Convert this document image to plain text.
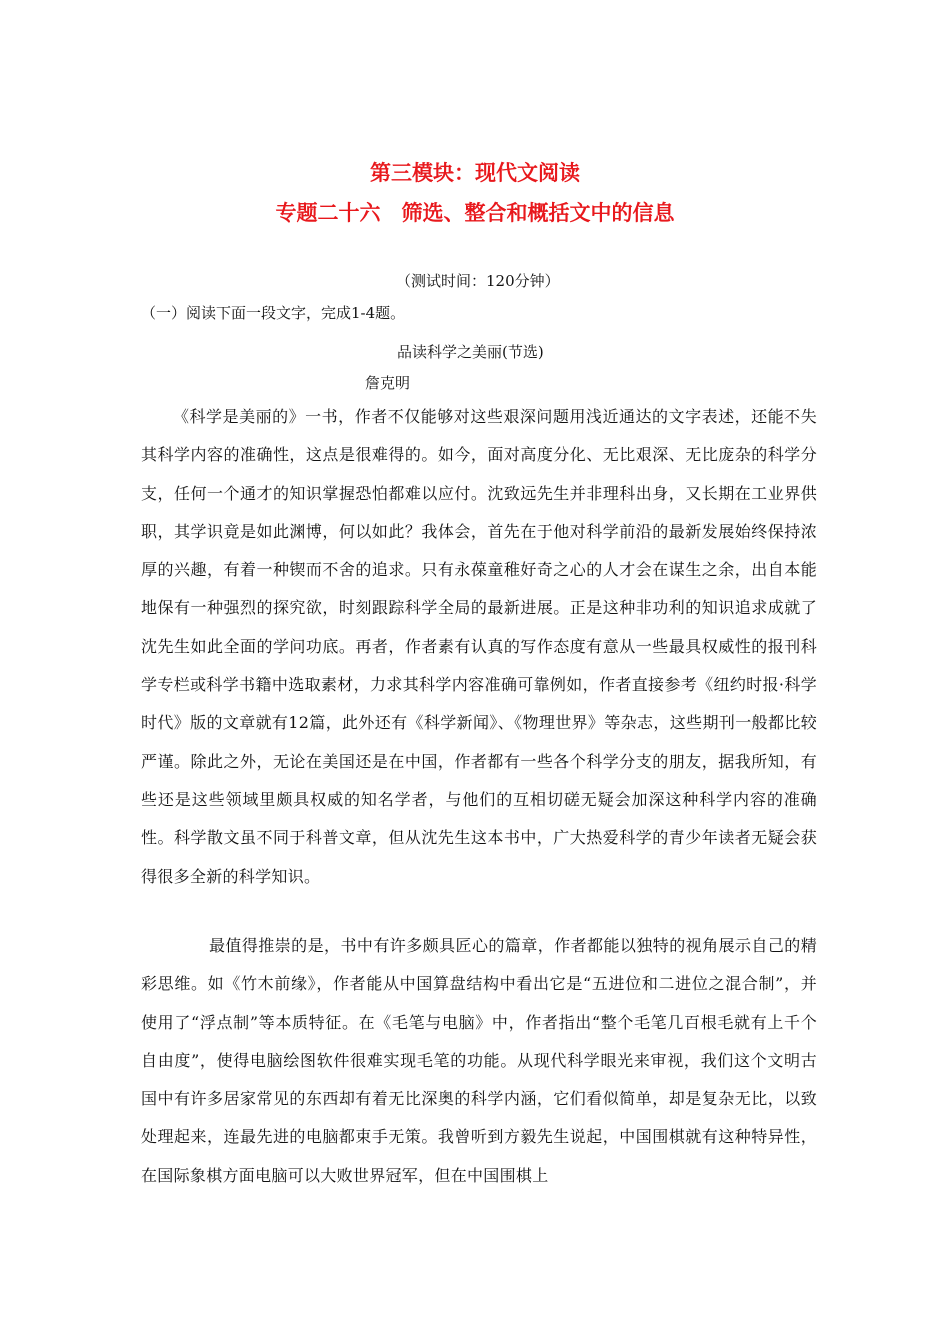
第三模块：现代文阅读
专题二十六　筛选、整合和概括文中的信息
（测试时间：120分钟）
（一）阅读下面一段文字，完成1-4题。
品读科学之美丽(节选)
詹克明

《科学是美丽的》一书，作者不仅能够对这些艰深问题用浅近通达的文字表述，还能不失其科学内容的准确性，这点是很难得的。如今，面对高度分化、无比艰深、无比庞杂的科学分支，任何一个通才的知识掌握恐怕都难以应付。沈致远先生并非理科出身，又长期在工业界供职，其学识竟是如此渊博，何以如此？我体会，首先在于他对科学前沿的最新发展始终保持浓厚的兴趣，有着一种锲而不舍的追求。只有永葆童稚好奇之心的人才会在谋生之余，出自本能地保有一种强烈的探究欲，时刻跟踪科学全局的最新进展。正是这种非功利的知识追求成就了沈先生如此全面的学问功底。再者，作者素有认真的写作态度有意从一些最具权威性的报刊科学专栏或科学书籍中选取素材，力求其科学内容准确可靠例如，作者直接参考《纽约时报·科学时代》版的文章就有12篇，此外还有《科学新闻》、《物理世界》等杂志，这些期刊一般都比较严谨。除此之外，无论在美国还是在中国，作者都有一些各个科学分支的朋友，据我所知，有些还是这些领域里颇具权威的知名学者，与他们的互相切磋无疑会加深这种科学内容的准确性。科学散文虽不同于科普文章，但从沈先生这本书中，广大热爱科学的青少年读者无疑会获得很多全新的科学知识。

最值得推崇的是，书中有许多颇具匠心的篇章，作者都能以独特的视角展示自己的精彩思维。如《竹木前缘》，作者能从中国算盘结构中看出它是“五进位和二进位之混合制”，并使用了“浮点制”等本质特征。在《毛笔与电脑》中，作者指出“整个毛笔几百根毛就有上千个自由度”，使得电脑绘图软件很难实现毛笔的功能。从现代科学眼光来审视，我们这个文明古国中有许多居家常见的东西却有着无比深奥的科学内涵，它们看似简单，却是复杂无比，以致处理起来，连最先进的电脑都束手无策。我曾听到方毅先生说起，中国围棋就有这种特异性，在国际象棋方面电脑可以大败世界冠军，但在中国围棋上
